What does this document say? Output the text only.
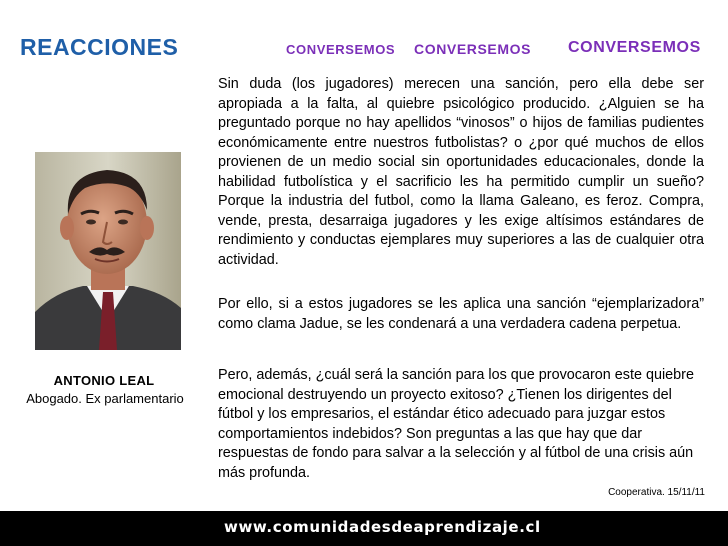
REACCIONES	CONVERSEMOS CONVERSEMOS CONVERSEMOS
ANTONIO LEAL
Abogado. Ex parlamentario
Sin duda (los jugadores) merecen una sanción, pero ella debe ser apropiada a la falta, al quiebre psicológico producido. ¿Alguien se ha preguntado porque no hay apellidos “vinosos” o hijos de familias pudientes económicamente entre nuestros futbolistas? o ¿por qué muchos de ellos provienen de un medio social sin oportunidades educacionales, donde la habilidad futbolística y el sacrificio les ha permitido cumplir un sueño? Porque la industria del futbol, como la llama Galeano, es feroz. Compra, vende, presta, desarraiga jugadores y les exige altísimos estándares de rendimiento y conductas ejemplares muy superiores a las de cualquier otra actividad.
Por ello, si a estos jugadores se les aplica una sanción “ejemplarizadora” como clama Jadue, se les condenará a una verdadera cadena perpetua.
Pero, además, ¿cuál será la sanción para los que provocaron este quiebre emocional destruyendo un proyecto exitoso? ¿Tienen los dirigentes del fútbol y los empresarios, el estándar ético adecuado para juzgar estos comportamientos indebidos? Son preguntas a las que hay que dar respuestas de fondo para salvar a la selección y al fútbol de una crisis aún más profunda.
Cooperativa. 15/11/11
www.comunidadesdeaprendizaje.cl
